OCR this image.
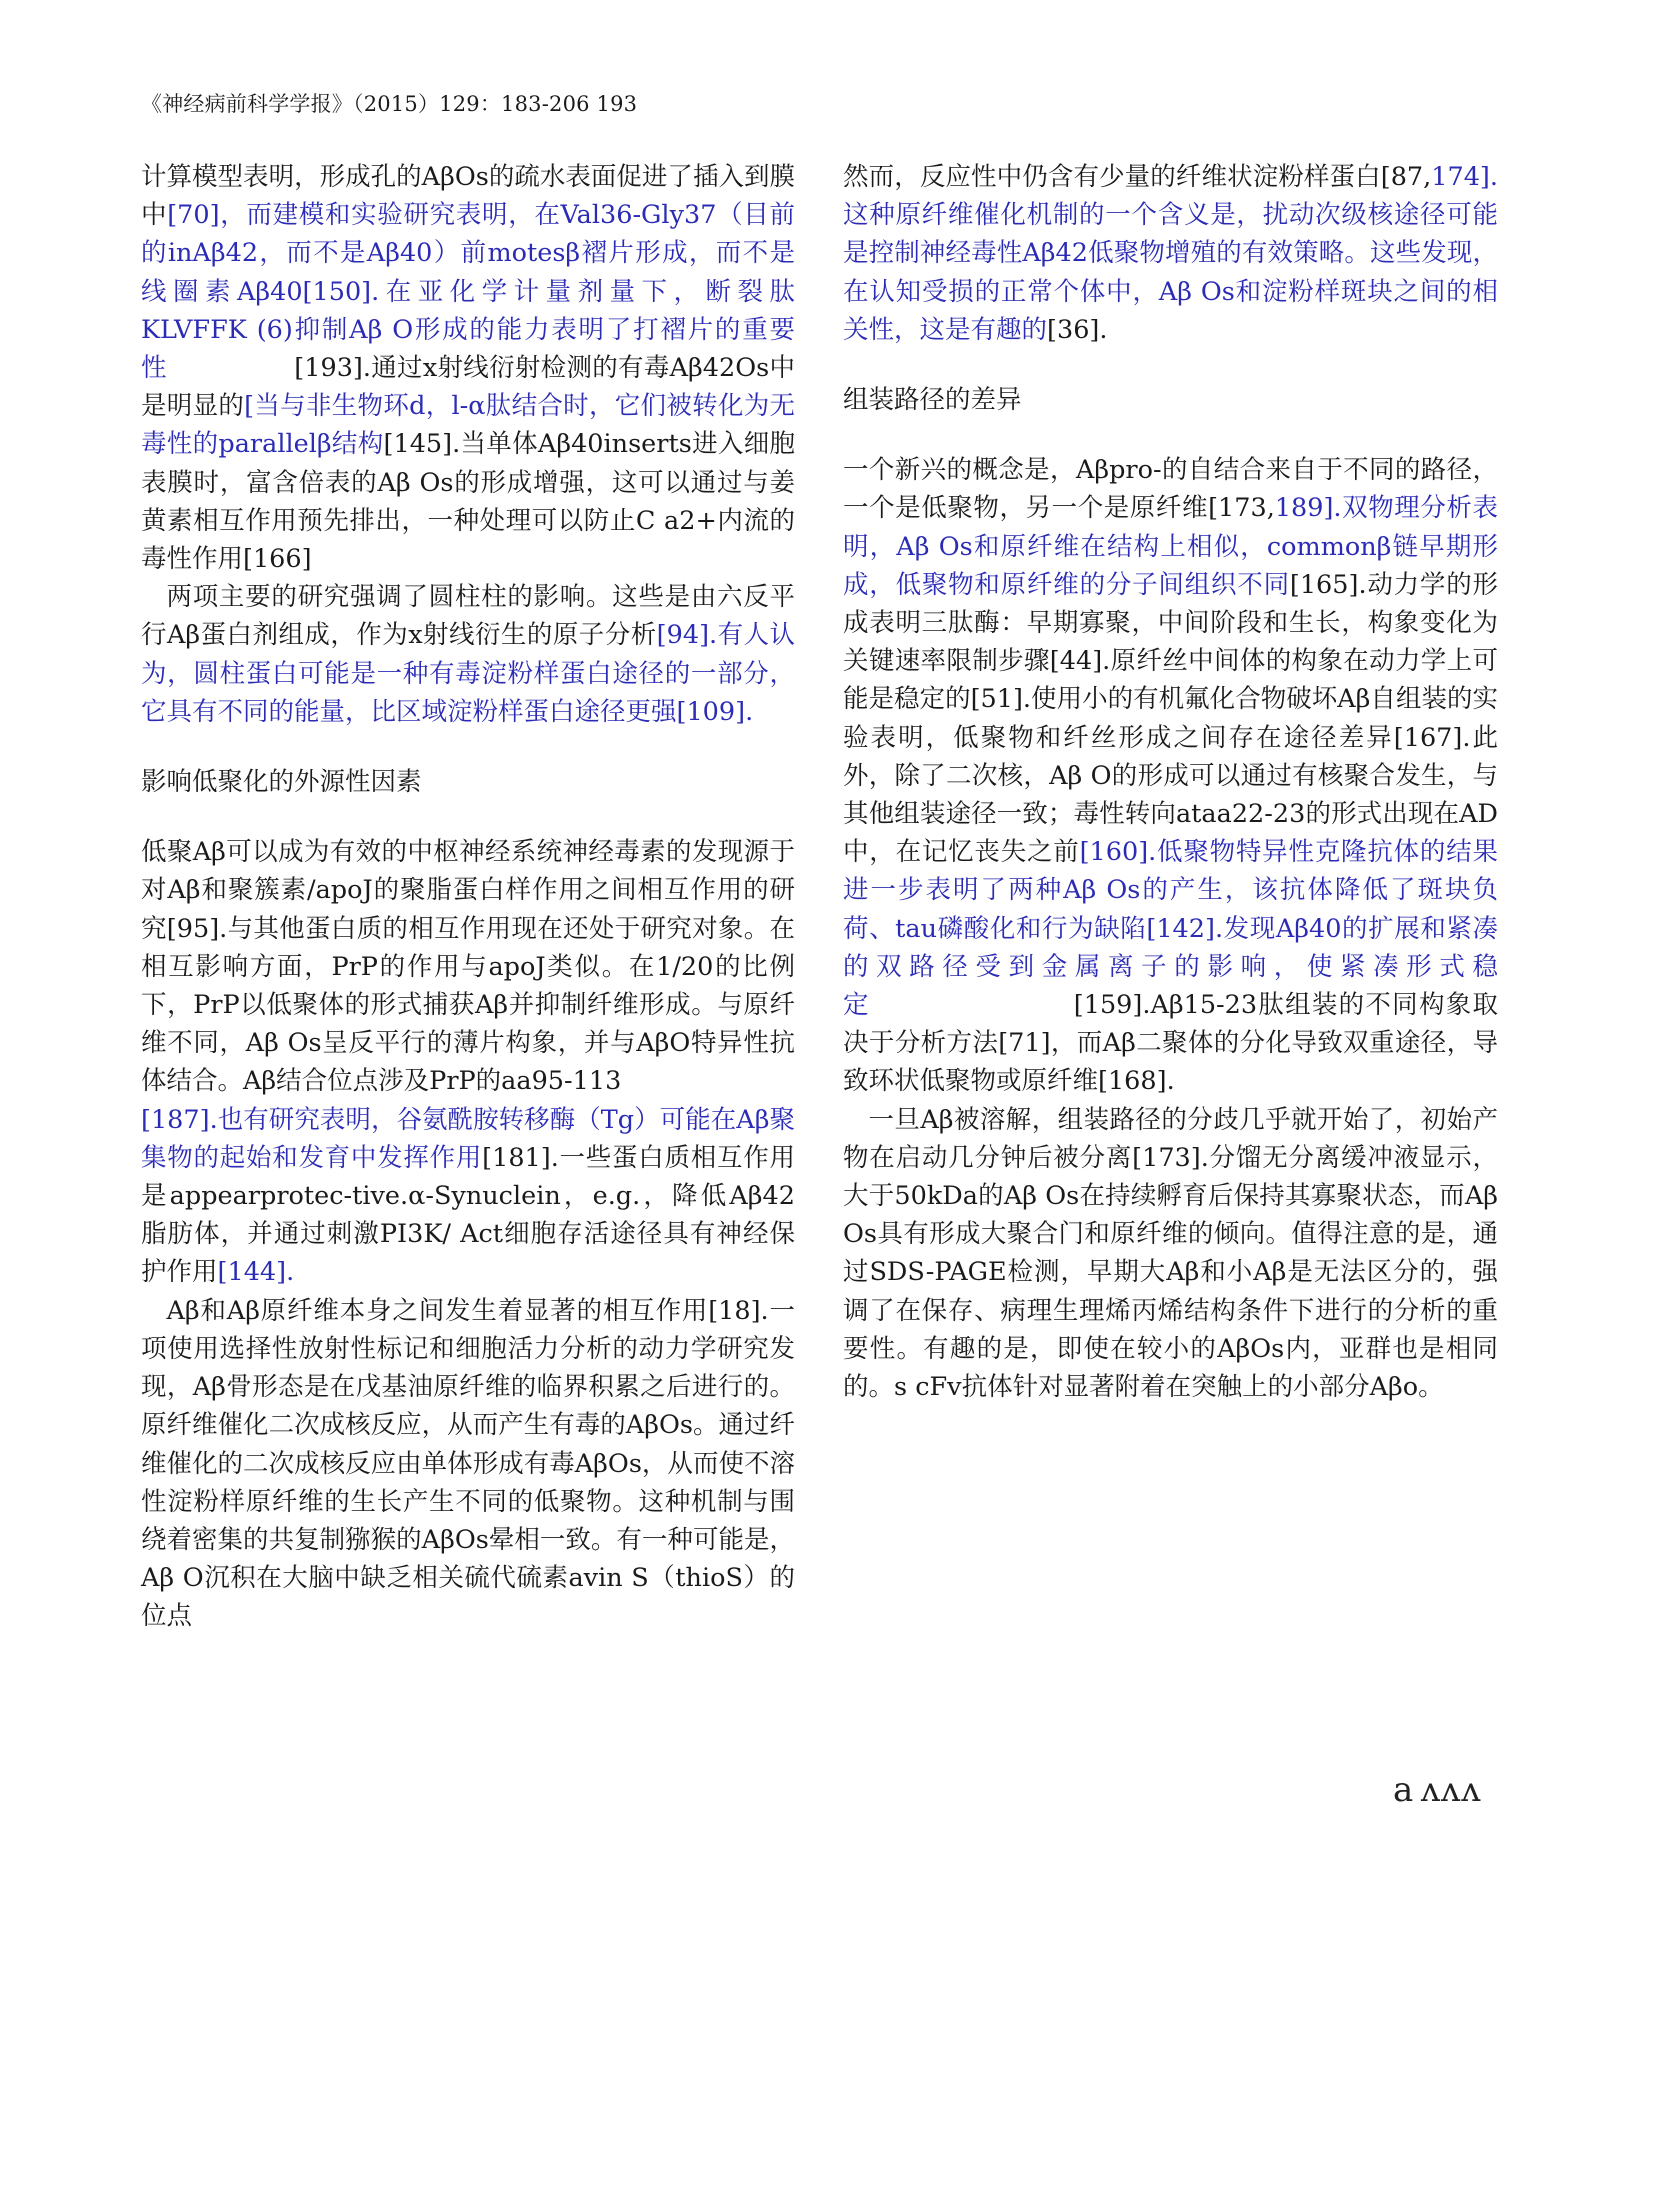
《神经病前科学学报》（2015）129：183-206 193

计算模型表明，形成孔的AβOs的疏水表面促进了插入到膜中[70]，而建模和实验研究表明，在Val36-Gly37（目前的inAβ42，而不是Aβ40）前motesβ褶片形成，而不是线圈素Aβ40[150].在亚化学计量剂量下，断裂肽KLVFFK (6)抑制Aβ O形成的能力表明了打褶片的重要性     [193].通过x射线衍射检测的有毒Aβ42Os中是明显的[当与非生物环d，l-α肽结合时，它们被转化为无毒性的parallelβ结构[145].当单体Aβ40inserts进入细胞表膜时，富含倍表的Aβ Os的形成增强，这可以通过与姜黄素相互作用预先排出，一种处理可以防止C a2+内流的毒性作用[166]

两项主要的研究强调了圆柱柱的影响。这些是由六反平行Aβ蛋白剂组成，作为x射线衍生的原子分析[94].有人认为，圆柱蛋白可能是一种有毒淀粉样蛋白途径的一部分，它具有不同的能量，比区域淀粉样蛋白途径更强[109].

影响低聚化的外源性因素

低聚Aβ可以成为有效的中枢神经系统神经毒素的发现源于对Aβ和聚簇素/apoJ的聚脂蛋白样作用之间相互作用的研究[95].与其他蛋白质的相互作用现在还处于研究对象。在相互影响方面，PrP的作用与apoJ类似。在1/20的比例下，PrP以低聚体的形式捕获Aβ并抑制纤维形成。与原纤维不同，Aβ Os呈反平行的薄片构象，并与AβO特异性抗体结合。Aβ结合位点涉及PrP的aa95-113

[187].也有研究表明，谷氨酰胺转移酶（Tg）可能在Aβ聚集物的起始和发育中发挥作用[181].一些蛋白质相互作用是appearprotec-tive.α-Synuclein，e.g.，降低Aβ42脂肪体，并通过刺激PI3K/ Act细胞存活途径具有神经保护作用[144].

Aβ和Aβ原纤维本身之间发生着显著的相互作用[18].一项使用选择性放射性标记和细胞活力分析的动力学研究发现，Aβ骨形态是在戊基油原纤维的临界积累之后进行的。原纤维催化二次成核反应，从而产生有毒的AβOs。通过纤维催化的二次成核反应由单体形成有毒AβOs，从而使不溶性淀粉样原纤维的生长产生不同的低聚物。这种机制与围绕着密集的共复制猕猴的AβOs晕相一致。有一种可能是，Aβ O沉积在大脑中缺乏相关硫代硫素avin S（thioS）的位点

然而，反应性中仍含有少量的纤维状淀粉样蛋白[87,174].这种原纤维催化机制的一个含义是，扰动次级核途径可能是控制神经毒性Aβ42低聚物增殖的有效策略。这些发现，在认知受损的正常个体中，Aβ Os和淀粉样斑块之间的相关性，这是有趣的[36].

组装路径的差异

一个新兴的概念是，Aβpro-的自结合来自于不同的路径，一个是低聚物，另一个是原纤维[173,189].双物理分析表明，Aβ Os和原纤维在结构上相似，commonβ链早期形成，低聚物和原纤维的分子间组织不同[165].动力学的形成表明三肽酶：早期寡聚，中间阶段和生长，构象变化为关键速率限制步骤[44].原纤丝中间体的构象在动力学上可能是稳定的[51].使用小的有机氟化合物破坏Aβ自组装的实验表明，低聚物和纤丝形成之间存在途径差异[167].此外，除了二次核，Aβ O的形成可以通过有核聚合发生，与其他组装途径一致；毒性转向ataa22-23的形式出现在AD中，在记忆丧失之前[160].低聚物特异性克隆抗体的结果进一步表明了两种Aβ Os的产生，该抗体降低了斑块负荷、tau磷酸化和行为缺陷[142].发现Aβ40的扩展和紧凑的双路径受到金属离子的影响，使紧凑形式稳定        [159].Aβ15-23肽组装的不同构象取决于分析方法[71]，而Aβ二聚体的分化导致双重途径，导致环状低聚物或原纤维[168].

一旦Aβ被溶解，组装路径的分歧几乎就开始了，初始产物在启动几分钟后被分离[173].分馏无分离缓冲液显示，大于50kDa的Aβ Os在持续孵育后保持其寡聚状态，而Aβ Os具有形成大聚合门和原纤维的倾向。值得注意的是，通过SDS-PAGE检测，早期大Aβ和小Aβ是无法区分的，强调了在保存、病理生理烯丙烯结构条件下进行的分析的重要性。有趣的是，即使在较小的AβOs内，亚群也是相同的。s cFv抗体针对显著附着在突触上的小部分Aβo。

a ʌʌʌ
